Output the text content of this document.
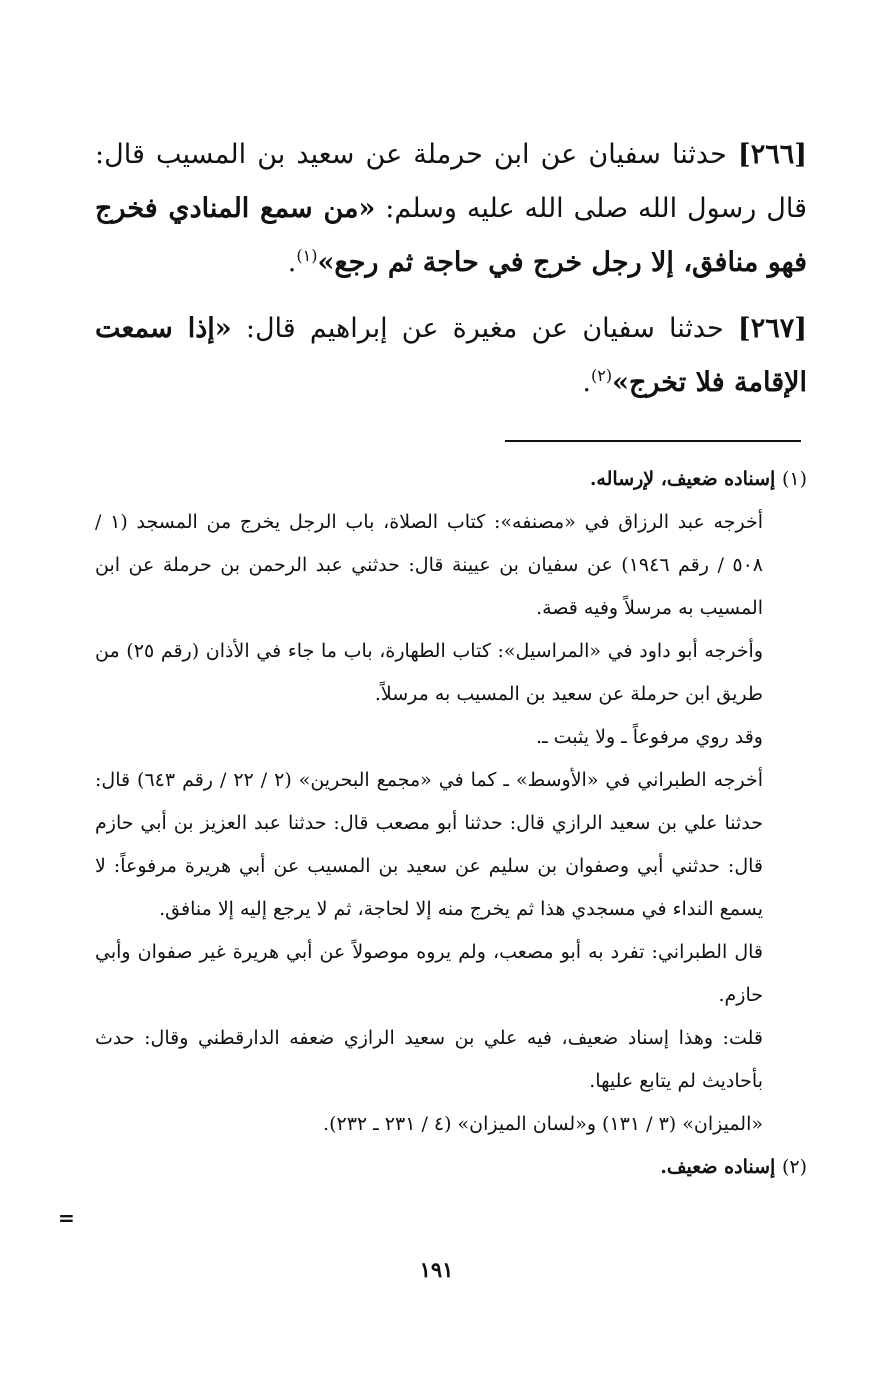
[٢٦٦] حدثنا سفيان عن ابن حرملة عن سعيد بن المسيب قال: قال رسول الله صلى الله عليه وسلم: «من سمع المنادي فخرج فهو منافق، إلا رجل خرج في حاجة ثم رجع»$^{(١)}$.

[٢٦٧] حدثنا سفيان عن مغيرة عن إبراهيم قال: «إذا سمعت الإقامة فلا تخرج»$^{(٢)}$.

(١) إسناده ضعيف، لإرساله.

أخرجه عبد الرزاق في «مصنفه»: كتاب الصلاة، باب الرجل يخرج من المسجد (١ / ٥٠٨ / رقم ١٩٤٦) عن سفيان بن عيينة قال: حدثني عبد الرحمن بن حرملة عن ابن المسيب به مرسلاً وفيه قصة.

وأخرجه أبو داود في «المراسيل»: كتاب الطهارة، باب ما جاء في الأذان (رقم ٢٥) من طريق ابن حرملة عن سعيد بن المسيب به مرسلاً.

وقد روي مرفوعاً ـ ولا يثبت ـ.

أخرجه الطبراني في «الأوسط» ـ كما في «مجمع البحرين» (٢ / ٢٢ / رقم ٦٤٣) قال: حدثنا علي بن سعيد الرازي قال: حدثنا أبو مصعب قال: حدثنا عبد العزيز بن أبي حازم قال: حدثني أبي وصفوان بن سليم عن سعيد بن المسيب عن أبي هريرة مرفوعاً: لا يسمع النداء في مسجدي هذا ثم يخرج منه إلا لحاجة، ثم لا يرجع إليه إلا منافق.

قال الطبراني: تفرد به أبو مصعب، ولم يروه موصولاً عن أبي هريرة غير صفوان وأبي حازم.

قلت: وهذا إسناد ضعيف، فيه علي بن سعيد الرازي ضعفه الدارقطني وقال: حدث بأحاديث لم يتابع عليها.

«الميزان» (٣ / ١٣١) و«لسان الميزان» (٤ / ٢٣١ ـ ٢٣٢).

(٢) إسناده ضعيف.

=
١٩١
